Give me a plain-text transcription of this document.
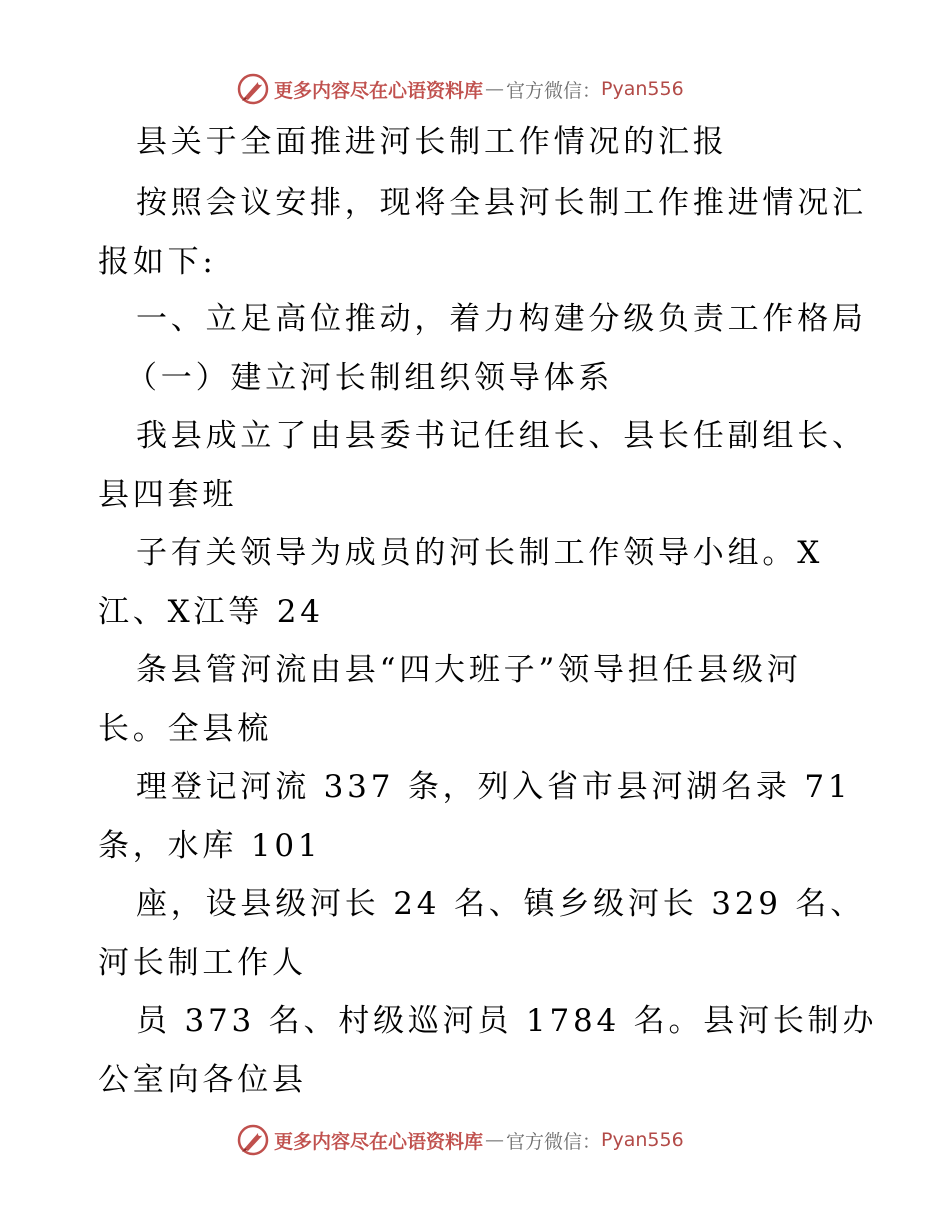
更多内容尽在心语资料库 — 官方微信 ： Pyan556
县关于全面推进河长制工作情况的汇报
按照会议安排，现将全县河长制工作推进情况汇
报如下:
一、立足高位推动，着力构建分级负责工作格局
（一）建立河长制组织领导体系
我县成立了由县委书记任组长、县长任副组长、
县四套班
子有关领导为成员的河长制工作领导小组。X
江、X江等 24
条县管河流由县“四大班子”领导担任县级河
长。全县梳
理登记河流 337 条，列入省市县河湖名录 71
条，水库 101
座，设县级河长 24 名、镇乡级河长 329 名、
河长制工作人
员 373 名、村级巡河员 1784 名。县河长制办
公室向各位县
更多内容尽在心语资料库 — 官方微信 ： Pyan556
